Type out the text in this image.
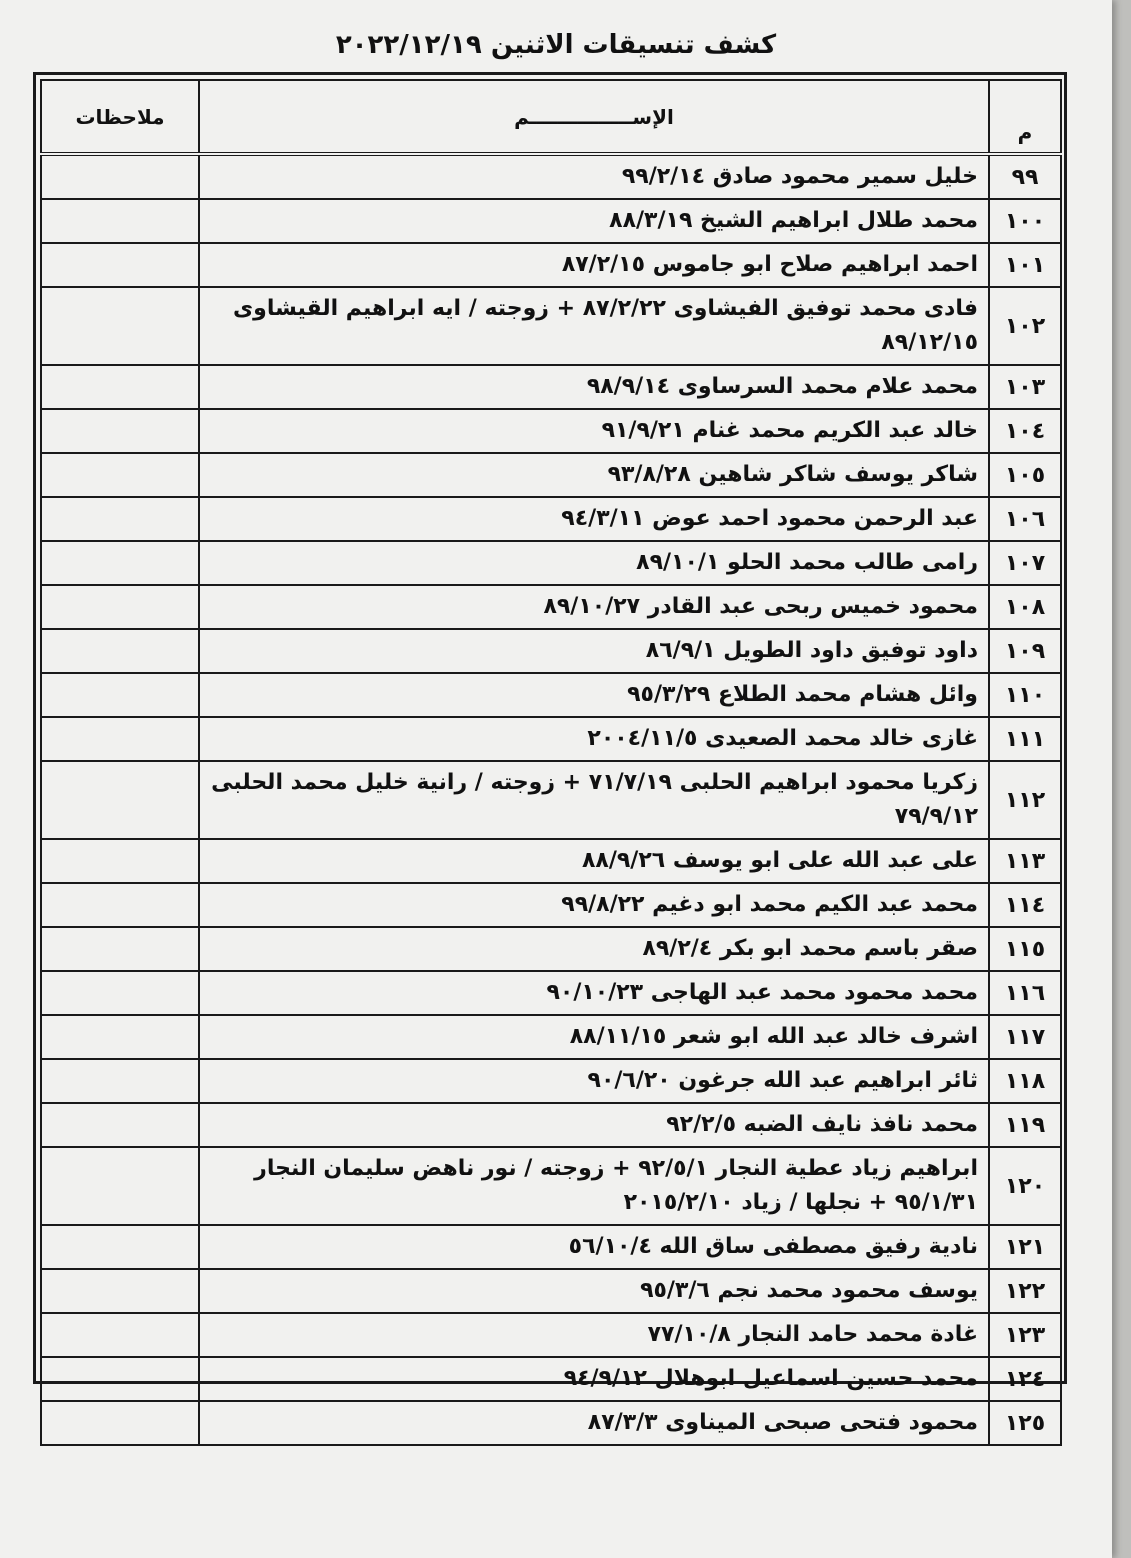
كشف تنسيقات الاثنين ٢٠٢٢/١٢/١٩
م	الإســـــــــــــــم	ملاحظات
٩٩	خليل سمير محمود صادق ٩٩/٢/١٤	
١٠٠	محمد طلال ابراهيم الشيخ ٨٨/٣/١٩	
١٠١	احمد ابراهيم صلاح ابو جاموس ٨٧/٢/١٥	
١٠٢	فادى محمد توفيق الفيشاوى ٨٧/٢/٢٢ + زوجته / ايه ابراهيم القيشاوى ٨٩/١٢/١٥	
١٠٣	محمد علام محمد السرساوى ٩٨/٩/١٤	
١٠٤	خالد عبد الكريم محمد غنام ٩١/٩/٢١	
١٠٥	شاكر يوسف شاكر شاهين ٩٣/٨/٢٨	
١٠٦	عبد الرحمن محمود احمد عوض ٩٤/٣/١١	
١٠٧	رامى طالب محمد الحلو ٨٩/١٠/١	
١٠٨	محمود خميس ربحى عبد القادر ٨٩/١٠/٢٧	
١٠٩	داود توفيق داود الطويل ٨٦/٩/١	
١١٠	وائل هشام محمد الطلاع ٩٥/٣/٢٩	
١١١	غازى خالد محمد الصعيدى ٢٠٠٤/١١/٥	
١١٢	زكريا محمود ابراهيم الحلبى ٧١/٧/١٩ + زوجته / رانية خليل محمد الحلبى ٧٩/٩/١٢	
١١٣	على عبد الله على ابو يوسف ٨٨/٩/٢٦	
١١٤	محمد عبد الكيم محمد ابو دغيم ٩٩/٨/٢٢	
١١٥	صقر باسم محمد ابو بكر ٨٩/٢/٤	
١١٦	محمد محمود محمد عبد الهاجى ٩٠/١٠/٢٣	
١١٧	اشرف خالد عبد الله ابو شعر ٨٨/١١/١٥	
١١٨	ثائر ابراهيم عبد الله جرغون ٩٠/٦/٢٠	
١١٩	محمد نافذ نايف الضبه ٩٢/٢/٥	
١٢٠	ابراهيم زياد عطية النجار ٩٢/٥/١ + زوجته / نور ناهض سليمان النجار ٩٥/١/٣١ + نجلها / زياد ٢٠١٥/٢/١٠	
١٢١	نادية رفيق مصطفى ساق الله ٥٦/١٠/٤	
١٢٢	يوسف محمود محمد نجم ٩٥/٣/٦	
١٢٣	غادة محمد حامد النجار ٧٧/١٠/٨	
١٢٤	محمد حسين اسماعيل ابوهلال ٩٤/٩/١٢	
١٢٥	محمود فتحى صبحى الميناوى ٨٧/٣/٣	
